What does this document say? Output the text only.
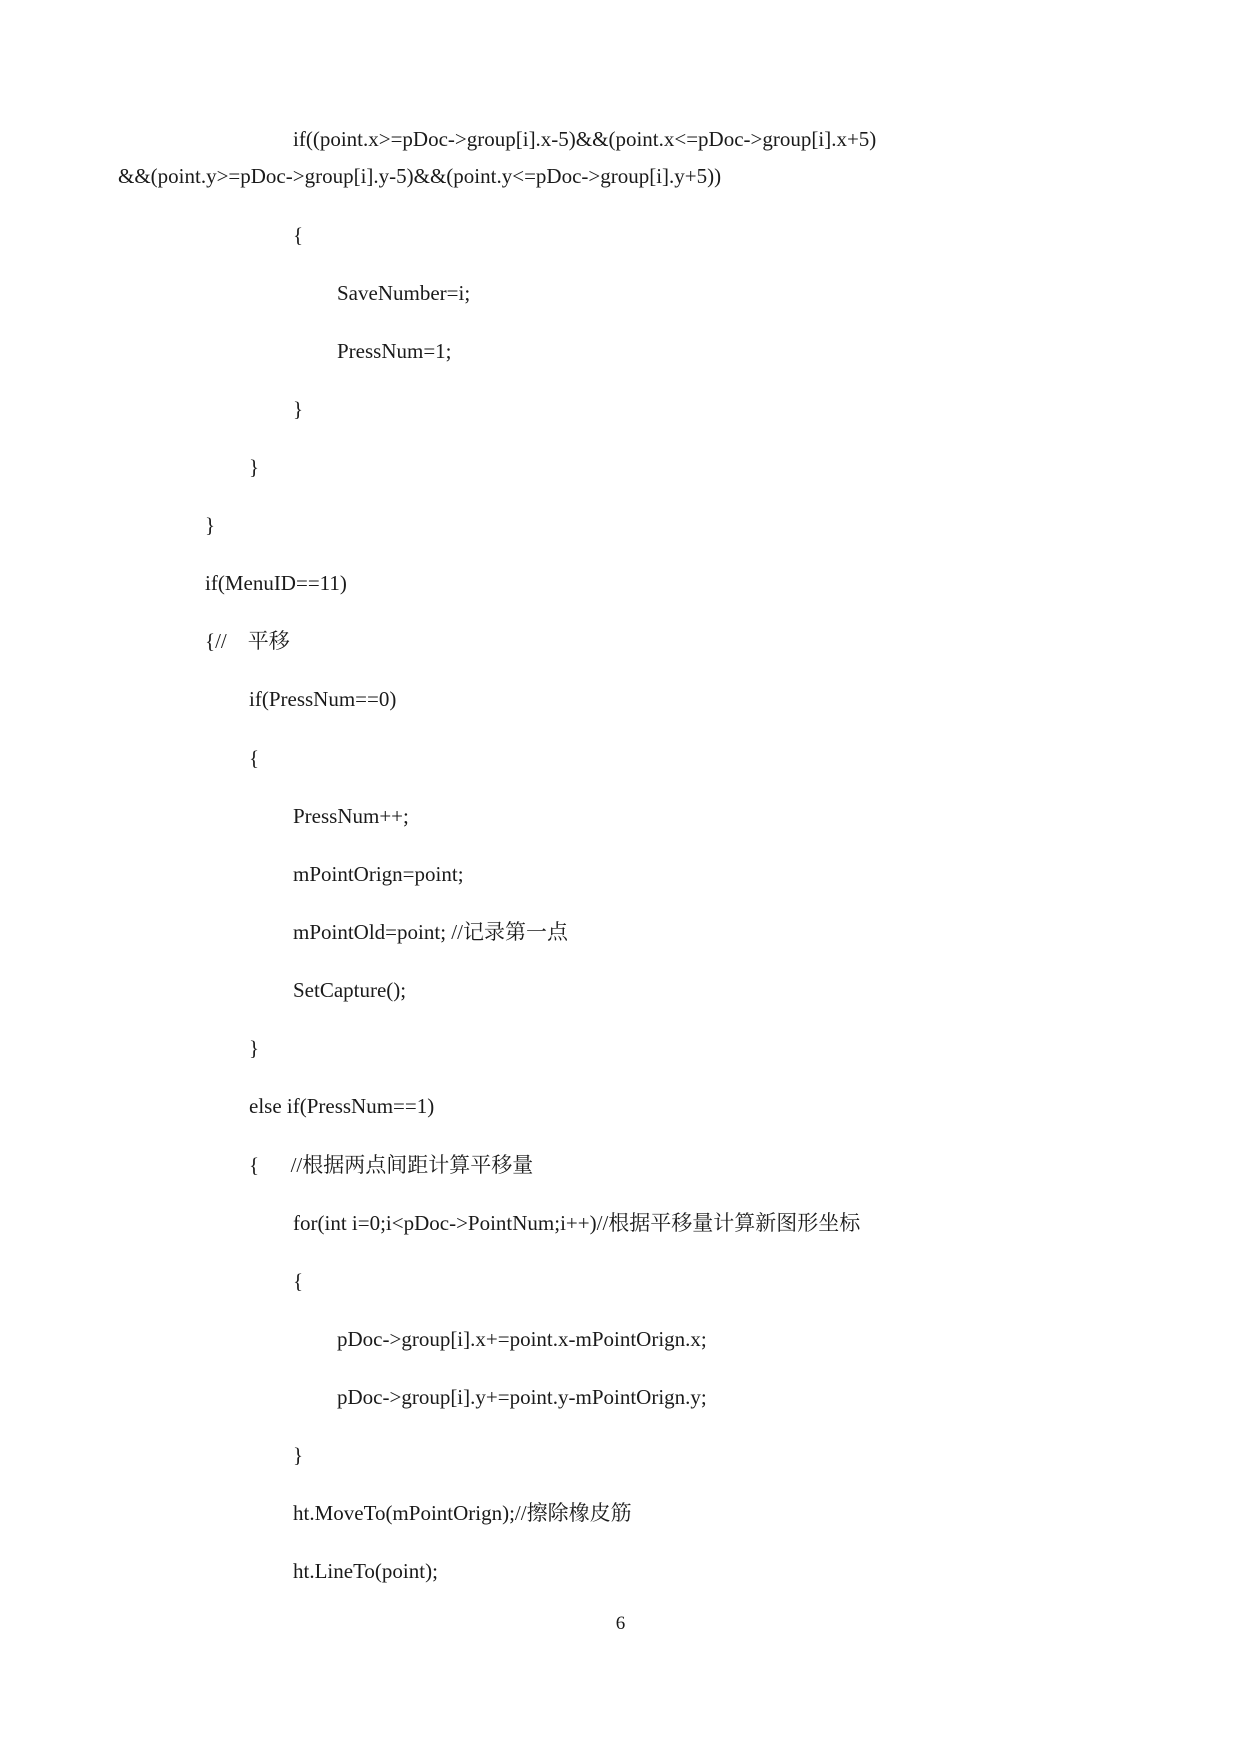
if((point.x>=pDoc->group[i].x-5)&&(point.x<=pDoc->group[i].x+5)
&&(point.y>=pDoc->group[i].y-5)&&(point.y<=pDoc->group[i].y+5))
{
SaveNumber=i;
PressNum=1;
}
}
}
if(MenuID==11)
{//    平移
if(PressNum==0)
{
PressNum++;
mPointOrign=point;
mPointOld=point; //记录第一点
SetCapture();
}
else if(PressNum==1)
{      //根据两点间距计算平移量
for(int i=0;i<pDoc->PointNum;i++)//根据平移量计算新图形坐标
{
pDoc->group[i].x+=point.x-mPointOrign.x;
pDoc->group[i].y+=point.y-mPointOrign.y;
}
ht.MoveTo(mPointOrign);//擦除橡皮筋
ht.LineTo(point);
6
